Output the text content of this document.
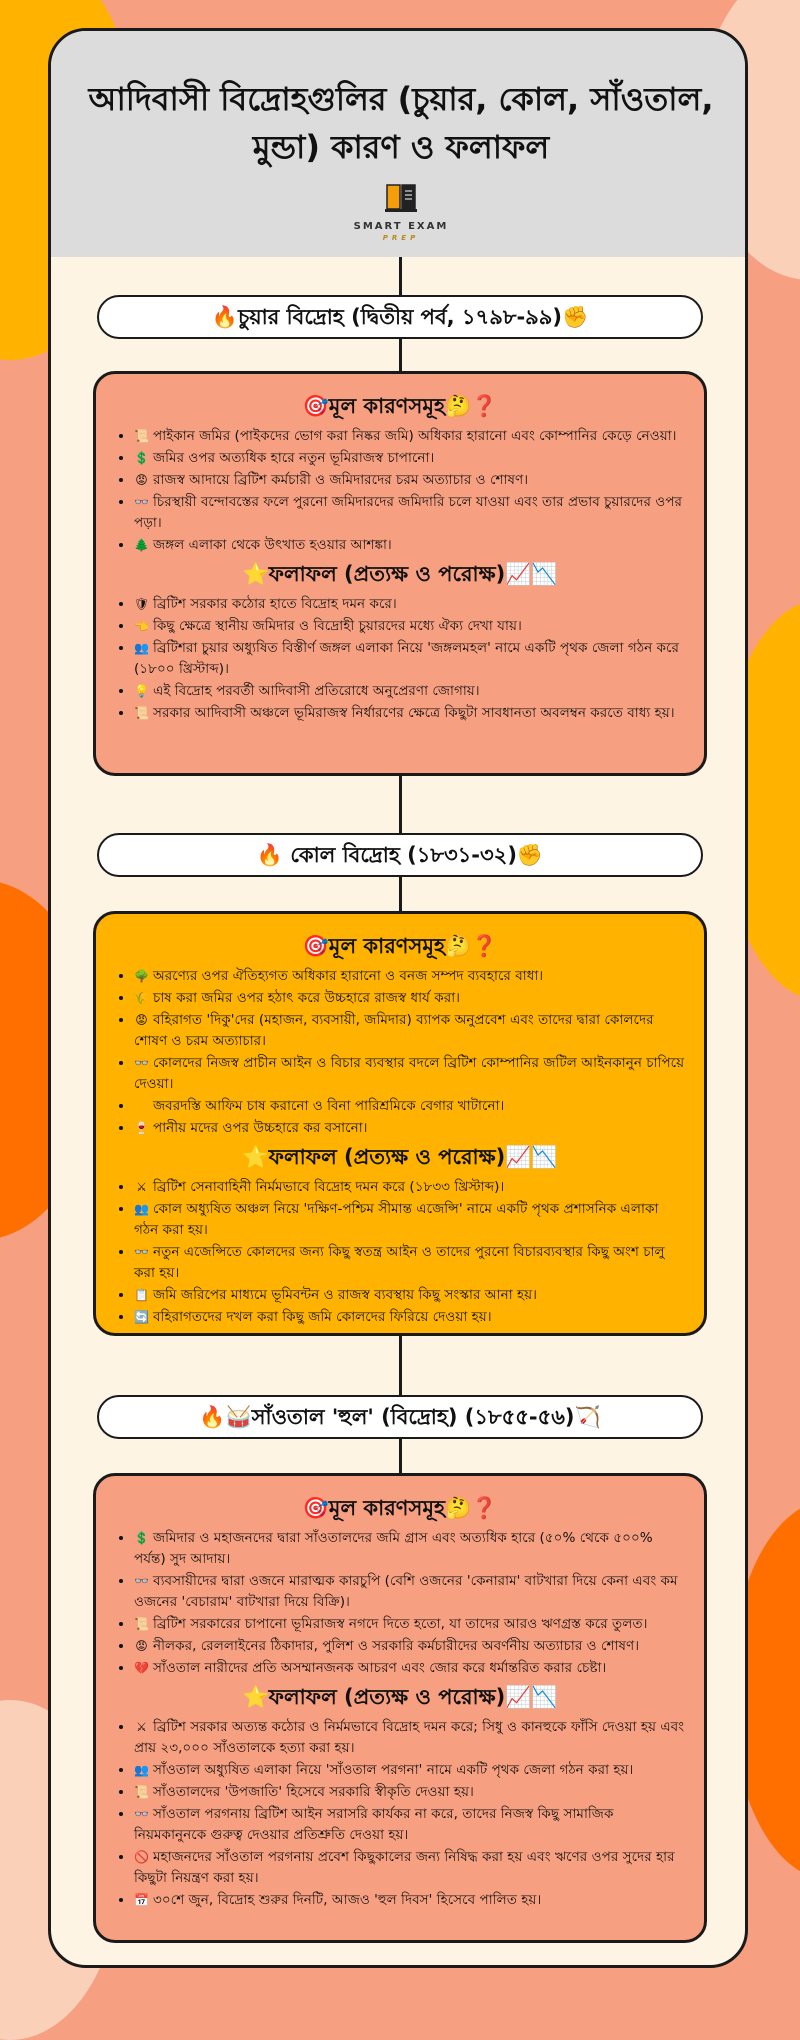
আদিবাসী বিদ্রোহগুলির (চুয়ার, কোল, সাঁওতাল, মুন্ডা) কারণ ও ফলাফল
SMART EXAM
PREP
🔥চুয়ার বিদ্রোহ (দ্বিতীয় পর্ব, ১৭৯৮-৯৯)✊
🎯মূল কারণসমূহ🤔❓
• 📜 পাইকান জমির (পাইকদের ভোগ করা নিষ্কর জমি) অধিকার হারানো এবং কোম্পানির কেড়ে নেওয়া।
• 💲 জমির ওপর অত্যধিক হারে নতুন ভূমিরাজস্ব চাপানো।
• 😡 রাজস্ব আদায়ে ব্রিটিশ কর্মচারী ও জমিদারদের চরম অত্যাচার ও শোষণ।
• 👓 চিরস্থায়ী বন্দোবস্তের ফলে পুরনো জমিদারদের জমিদারি চলে যাওয়া এবং তার প্রভাব চুয়ারদের ওপর পড়া।
• 🌲 জঙ্গল এলাকা থেকে উৎখাত হওয়ার আশঙ্কা।
⭐ফলাফল (প্রত্যক্ষ ও পরোক্ষ)📈📉
• 🛡 ব্রিটিশ সরকার কঠোর হাতে বিদ্রোহ দমন করে।
• 👈 কিছু ক্ষেত্রে স্থানীয় জমিদার ও বিদ্রোহী চুয়ারদের মধ্যে ঐক্য দেখা যায়।
• 👥 ব্রিটিশরা চুয়ার অধ্যুষিত বিস্তীর্ণ জঙ্গল এলাকা নিয়ে 'জঙ্গলমহল' নামে একটি পৃথক জেলা গঠন করে (১৮০০ খ্রিস্টাব্দ)।
• 💡 এই বিদ্রোহ পরবর্তী আদিবাসী প্রতিরোধে অনুপ্রেরণা জোগায়।
• 📜 সরকার আদিবাসী অঞ্চলে ভূমিরাজস্ব নির্ধারণের ক্ষেত্রে কিছুটা সাবধানতা অবলম্বন করতে বাধ্য হয়।
🔥 কোল বিদ্রোহ (১৮৩১-৩২)✊
🎯মূল কারণসমূহ🤔❓
• 🌳 অরণ্যের ওপর ঐতিহ্যগত অধিকার হারানো ও বনজ সম্পদ ব্যবহারে বাধা।
• 🌾 চাষ করা জমির ওপর হঠাৎ করে উচ্চহারে রাজস্ব ধার্য করা।
• 😡 বহিরাগত 'দিকু'দের (মহাজন, ব্যবসায়ী, জমিদার) ব্যাপক অনুপ্রবেশ এবং তাদের দ্বারা কোলদের শোষণ ও চরম অত্যাচার।
• 👓 কোলদের নিজস্ব প্রাচীন আইন ও বিচার ব্যবস্থার বদলে ব্রিটিশ কোম্পানির জটিল আইনকানুন চাপিয়ে দেওয়া।
• জবরদস্তি আফিম চাষ করানো ও বিনা পারিশ্রমিকে বেগার খাটানো।
• 🍷 পানীয় মদের ওপর উচ্চহারে কর বসানো।
⭐ফলাফল (প্রত্যক্ষ ও পরোক্ষ)📈📉
• ⚔ ব্রিটিশ সেনাবাহিনী নির্মমভাবে বিদ্রোহ দমন করে (১৮৩৩ খ্রিস্টাব্দ)।
• 👥 কোল অধ্যুষিত অঞ্চল নিয়ে 'দক্ষিণ-পশ্চিম সীমান্ত এজেন্সি' নামে একটি পৃথক প্রশাসনিক এলাকা গঠন করা হয়।
• 👓 নতুন এজেন্সিতে কোলদের জন্য কিছু স্বতন্ত্র আইন ও তাদের পুরনো বিচারব্যবস্থার কিছু অংশ চালু করা হয়।
• 📋 জমি জরিপের মাধ্যমে ভূমিবন্টন ও রাজস্ব ব্যবস্থায় কিছু সংস্কার আনা হয়।
• 🔄 বহিরাগতদের দখল করা কিছু জমি কোলদের ফিরিয়ে দেওয়া হয়।
🔥🥁সাঁওতাল 'হুল' (বিদ্রোহ) (১৮৫৫-৫৬)🏹
🎯মূল কারণসমূহ🤔❓
• 💲 জমিদার ও মহাজনদের দ্বারা সাঁওতালদের জমি গ্রাস এবং অত্যধিক হারে (৫০% থেকে ৫০০% পর্যন্ত) সুদ আদায়।
• 👓 ব্যবসায়ীদের দ্বারা ওজনে মারাত্মক কারচুপি (বেশি ওজনের 'কেনারাম' বাটখারা দিয়ে কেনা এবং কম ওজনের 'বেচারাম' বাটখারা দিয়ে বিক্রি)।
• 📜 ব্রিটিশ সরকারের চাপানো ভূমিরাজস্ব নগদে দিতে হতো, যা তাদের আরও ঋণগ্রস্ত করে তুলত।
• 😡 নীলকর, রেললাইনের ঠিকাদার, পুলিশ ও সরকারি কর্মচারীদের অবর্ণনীয় অত্যাচার ও শোষণ।
• 💔 সাঁওতাল নারীদের প্রতি অসম্মানজনক আচরণ এবং জোর করে ধর্মান্তরিত করার চেষ্টা।
⭐ফলাফল (প্রত্যক্ষ ও পরোক্ষ)📈📉
• ⚔ ব্রিটিশ সরকার অত্যন্ত কঠোর ও নির্মমভাবে বিদ্রোহ দমন করে; সিধু ও কানহুকে ফাঁসি দেওয়া হয় এবং প্রায় ২৩,০০০ সাঁওতালকে হত্যা করা হয়।
• 👥 সাঁওতাল অধ্যুষিত এলাকা নিয়ে 'সাঁওতাল পরগনা' নামে একটি পৃথক জেলা গঠন করা হয়।
• 📜 সাঁওতালদের 'উপজাতি' হিসেবে সরকারি স্বীকৃতি দেওয়া হয়।
• 👓 সাঁওতাল পরগনায় ব্রিটিশ আইন সরাসরি কার্যকর না করে, তাদের নিজস্ব কিছু সামাজিক নিয়মকানুনকে গুরুত্ব দেওয়ার প্রতিশ্রুতি দেওয়া হয়।
• 🚫 মহাজনদের সাঁওতাল পরগনায় প্রবেশ কিছুকালের জন্য নিষিদ্ধ করা হয় এবং ঋণের ওপর সুদের হার কিছুটা নিয়ন্ত্রণ করা হয়।
• 📅 ৩০শে জুন, বিদ্রোহ শুরুর দিনটি, আজও 'হুল দিবস' হিসেবে পালিত হয়।
